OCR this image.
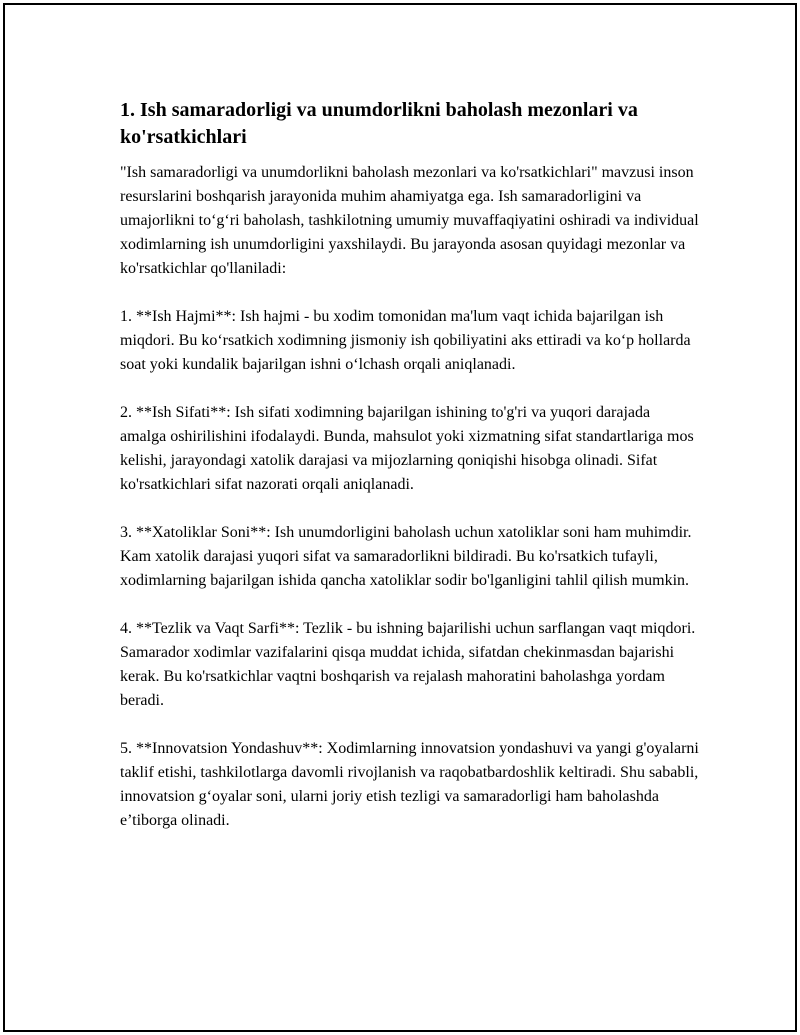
1. Ish samaradorligi va unumdorlikni baholash mezonlari va ko'rsatkichlari

"Ish samaradorligi va unumdorlikni baholash mezonlari va ko'rsatkichlari" mavzusi inson resurslarini boshqarish jarayonida muhim ahamiyatga ega. Ish samaradorligini va umajorlikni to‘g‘ri baholash, tashkilotning umumiy muvaffaqiyatini oshiradi va individual xodimlarning ish unumdorligini yaxshilaydi. Bu jarayonda asosan quyidagi mezonlar va ko'rsatkichlar qo'llaniladi:

1. **Ish Hajmi**: Ish hajmi - bu xodim tomonidan ma'lum vaqt ichida bajarilgan ish miqdori. Bu ko‘rsatkich xodimning jismoniy ish qobiliyatini aks ettiradi va ko‘p hollarda soat yoki kundalik bajarilgan ishni o‘lchash orqali aniqlanadi.

2. **Ish Sifati**: Ish sifati xodimning bajarilgan ishining to'g'ri va yuqori darajada amalga oshirilishini ifodalaydi. Bunda, mahsulot yoki xizmatning sifat standartlariga mos kelishi, jarayondagi xatolik darajasi va mijozlarning qoniqishi hisobga olinadi. Sifat ko'rsatkichlari sifat nazorati orqali aniqlanadi.

3. **Xatoliklar Soni**: Ish unumdorligini baholash uchun xatoliklar soni ham muhimdir. Kam xatolik darajasi yuqori sifat va samaradorlikni bildiradi. Bu ko'rsatkich tufayli, xodimlarning bajarilgan ishida qancha xatoliklar sodir bo'lganligini tahlil qilish mumkin.

4. **Tezlik va Vaqt Sarfi**: Tezlik - bu ishning bajarilishi uchun sarflangan vaqt miqdori. Samarador xodimlar vazifalarini qisqa muddat ichida, sifatdan chekinmasdan bajarishi kerak. Bu ko'rsatkichlar vaqtni boshqarish va rejalash mahoratini baholashga yordam beradi.

5. **Innovatsion Yondashuv**: Xodimlarning innovatsion yondashuvi va yangi g'oyalarni taklif etishi, tashkilotlarga davomli rivojlanish va raqobatbardoshlik keltiradi. Shu sababli, innovatsion g‘oyalar soni, ularni joriy etish tezligi va samaradorligi ham baholashda e’tiborga olinadi.
